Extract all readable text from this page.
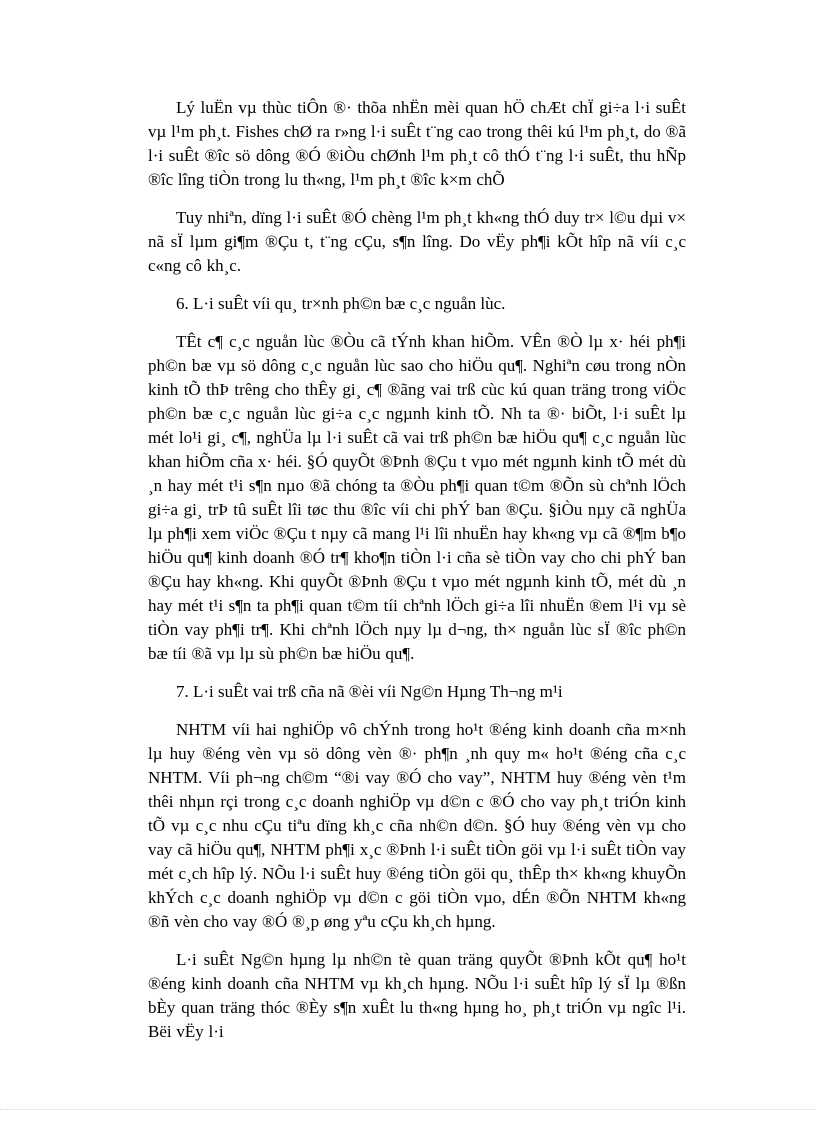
Lý luËn vµ thùc tiÔn ®· thõa nhËn mèi quan hÖ chÆt chÏ gi÷a l·i suÊt vµ l¹m ph¸t. Fishes chØ ra r»ng l·i suÊt t¨ng cao trong thêi kú l¹m ph¸t, do ®ã l·i suÊt ®îc sö dông ®Ó ®iÒu chØnh l¹m ph¸t cô thÓ t¨ng l·i suÊt, thu hÑp ®îc lîng tiÒn trong lu th«ng, l¹m ph¸t ®îc k×m chÕ

Tuy nhiªn, dïng l·i suÊt ®Ó chèng l¹m ph¸t kh«ng thÓ duy tr× l©u dµi v× nã sÏ lµm gi¶m ®Çu t, t¨ng cÇu, s¶n lîng. Do vËy ph¶i kÕt hîp nã víi c¸c c«ng cô kh¸c.

6. L·i suÊt víi qu¸ tr×nh ph©n bæ c¸c nguån lùc.

TÊt c¶ c¸c nguån lùc ®Òu cã tÝnh khan hiÕm. VÊn ®Ò lµ x· héi ph¶i ph©n bæ vµ sö dông c¸c nguån lùc sao cho hiÖu qu¶. Nghiªn cøu trong nÒn kinh tÕ thÞ trêng cho thÊy gi¸ c¶ ®ãng vai trß cùc kú quan träng trong viÖc ph©n bæ c¸c nguån lùc gi÷a c¸c ngµnh kinh tÕ. Nh ta ®· biÕt, l·i suÊt lµ mét lo¹i gi¸ c¶, nghÜa lµ l·i suÊt cã vai trß ph©n bæ hiÖu qu¶ c¸c nguån lùc khan hiÕm cña x· héi. §Ó quyÕt ®Þnh ®Çu t vµo mét ngµnh kinh tÕ mét dù ¸n hay mét t¹i s¶n nµo ®ã chóng ta ®Òu ph¶i quan t©m ®Õn sù chªnh lÖch gi÷a gi¸ trÞ tû suÊt lîi tøc thu ®îc víi chi phÝ ban ®Çu. §iÒu nµy cã nghÜa lµ ph¶i xem viÖc ®Çu t nµy cã mang l¹i lîi nhuËn hay kh«ng vµ cã ®¶m b¶o hiÖu qu¶ kinh doanh ®Ó tr¶ kho¶n tiÒn l·i cña sè tiÒn vay cho chi phÝ ban ®Çu hay kh«ng. Khi quyÕt ®Þnh ®Çu t vµo mét ngµnh kinh tÕ, mét dù ¸n hay mét t¹i s¶n ta ph¶i quan t©m tíi chªnh lÖch gi÷a lîi nhuËn ®em l¹i vµ sè tiÒn vay ph¶i tr¶. Khi chªnh lÖch nµy lµ d¬ng, th× nguån lùc sÏ ®îc ph©n bæ tíi ®ã vµ lµ sù ph©n bæ hiÖu qu¶.

7. L·i suÊt vai trß cña nã ®èi víi Ng©n Hµng Th¬ng m¹i

NHTM víi hai nghiÖp vô chÝnh trong ho¹t ®éng kinh doanh cña m×nh lµ huy ®éng vèn vµ sö dông vèn ®· ph¶n ¸nh quy m« ho¹t ®éng cña c¸c NHTM. Víi ph¬ng ch©m “®i vay ®Ó cho vay”, NHTM huy ®éng vèn t¹m thêi nhµn rçi trong c¸c doanh nghiÖp vµ d©n c ®Ó cho vay ph¸t triÓn kinh tÕ vµ c¸c nhu cÇu tiªu dïng kh¸c cña nh©n d©n. §Ó huy ®éng vèn vµ cho vay cã hiÖu qu¶, NHTM ph¶i x¸c ®Þnh l·i suÊt tiÒn göi vµ l·i suÊt tiÒn vay mét c¸ch hîp lý. NÕu l·i suÊt huy ®éng tiÒn göi qu¸ thÊp th× kh«ng khuyÕn khÝch c¸c doanh nghiÖp vµ d©n c göi tiÒn vµo, dÉn ®Õn NHTM kh«ng ®ñ vèn cho vay ®Ó ®¸p øng yªu cÇu kh¸ch hµng.

L·i suÊt Ng©n hµng lµ nh©n tè quan träng quyÕt ®Þnh kÕt qu¶ ho¹t ®éng kinh doanh cña NHTM vµ kh¸ch hµng. NÕu l·i suÊt hîp lý sÏ lµ ®ßn bÈy quan träng thóc ®Èy s¶n xuÊt lu th«ng hµng ho¸ ph¸t triÓn vµ ngîc l¹i. Bëi vËy l·i
